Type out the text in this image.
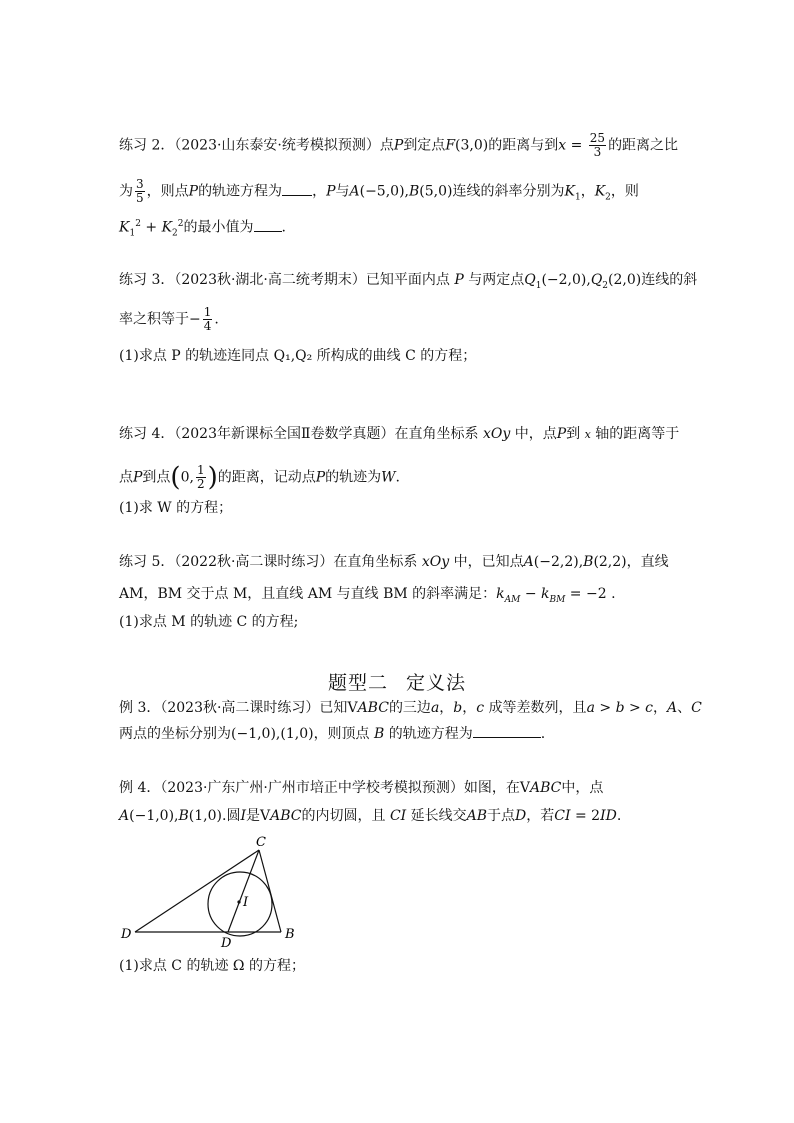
练习 2．（2023·山东泰安·统考模拟预测）点P到定点F(3,0)的距离与到$x = \frac{25}{3}$ 的距离之比
为 $\frac{3}{5}$ ，则点P的轨迹方程为 ，P与A(−5,0),B(5,0)连线的斜率分别为$K_1$，$K_2$，则
$K_1^2 + K_2^2$的最小值为 .
练习 3．（2023秋·湖北·高二统考期末）已知平面内点 P 与两定点$Q_1(-2,0),Q_2(2,0)$连线的斜
率之积等于− $\frac{1}{4}$ .
(1)求点 P 的轨迹连同点 Q₁,Q₂ 所构成的曲线 C 的方程；
练习 4．（2023年新课标全国Ⅱ卷数学真题）在直角坐标系 xOy 中，点P到 x 轴的距离等于
点P到点(0, $\frac{1}{2}$ )的距离，记动点P的轨迹为W.
(1)求 W 的方程；
练习 5．（2022秋·高二课时练习）在直角坐标系 xOy 中，已知点A(−2,2),B(2,2)，直线
AM，BM 交于点 M，且直线 AM 与直线 BM 的斜率满足：$k_{AM} - k_{BM} = -2$ .
(1)求点 M 的轨迹 C 的方程;
题型二 定义法
例 3．（2023秋·高二课时练习）已知VABC的三边a，b，c 成等差数列，且a > b > c，A、C
两点的坐标分别为(−1,0),(1,0)，则顶点 B 的轨迹方程为	.
例 4．（2023·广东广州·广州市培正中学校考模拟预测）如图，在VABC中，点
A(−1,0),B(1,0).圆I是VABC的内切圆，且 CI 延长线交AB于点D，若CI = 2ID.
C
I
D
D
B
(1)求点 C 的轨迹 Ω 的方程；
